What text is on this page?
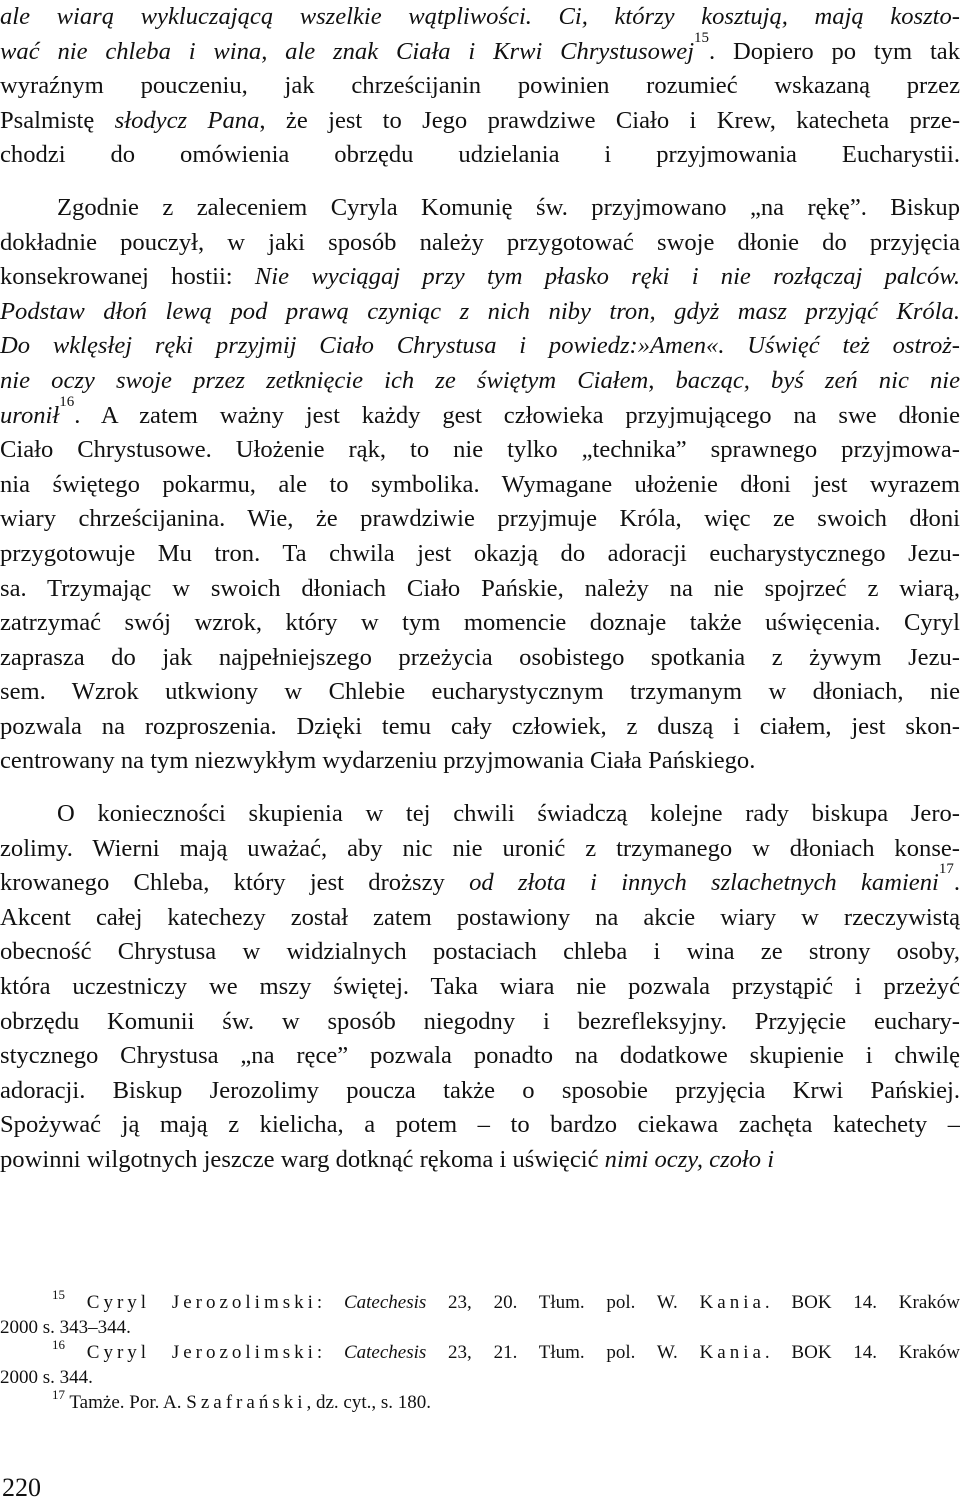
ale wiarą wykluczającą wszelkie wątpliwości. Ci, którzy kosztują, mają koszto-
wać nie chleba i wina, ale znak Ciała i Krwi Chrystusowej$^{15}$. Dopiero po tym tak
wyraźnym pouczeniu, jak chrześcijanin powinien rozumieć wskazaną przez
Psalmistę słodycz Pana, że jest to Jego prawdziwe Ciało i Krew, katecheta prze-
chodzi do omówienia obrzędu udzielania i przyjmowania Eucharystii.
Zgodnie z zaleceniem Cyryla Komunię św. przyjmowano „na rękę”. Biskup
dokładnie pouczył, w jaki sposób należy przygotować swoje dłonie do przyjęcia
konsekrowanej hostii: Nie wyciągaj przy tym płasko ręki i nie rozłączaj palców.
Podstaw dłoń lewą pod prawą czyniąc z nich niby tron, gdyż masz przyjąć Króla.
Do wklęsłej ręki przyjmij Ciało Chrystusa i powiedz:»Amen«. Uświęć też ostroż-
nie oczy swoje przez zetknięcie ich ze świętym Ciałem, bacząc, byś zeń nic nie
uronił$^{16}$. A zatem ważny jest każdy gest człowieka przyjmującego na swe dłonie
Ciało Chrystusowe. Ułożenie rąk, to nie tylko „technika” sprawnego przyjmowa-
nia świętego pokarmu, ale to symbolika. Wymagane ułożenie dłoni jest wyrazem
wiary chrześcijanina. Wie, że prawdziwie przyjmuje Króla, więc ze swoich dłoni
przygotowuje Mu tron. Ta chwila jest okazją do adoracji eucharystycznego Jezu-
sa. Trzymając w swoich dłoniach Ciało Pańskie, należy na nie spojrzeć z wiarą,
zatrzymać swój wzrok, który w tym momencie doznaje także uświęcenia. Cyryl
zaprasza do jak najpełniejszego przeżycia osobistego spotkania z żywym Jezu-
sem. Wzrok utkwiony w Chlebie eucharystycznym trzymanym w dłoniach, nie
pozwala na rozproszenia. Dzięki temu cały człowiek, z duszą i ciałem, jest skon-
centrowany na tym niezwykłym wydarzeniu przyjmowania Ciała Pańskiego.
O konieczności skupienia w tej chwili świadczą kolejne rady biskupa Jero-
zolimy. Wierni mają uważać, aby nic nie uronić z trzymanego w dłoniach konse-
krowanego Chleba, który jest droższy od złota i innych szlachetnych kamieni$^{17}$.
Akcent całej katechezy został zatem postawiony na akcie wiary w rzeczywistą
obecność Chrystusa w widzialnych postaciach chleba i wina ze strony osoby,
która uczestniczy we mszy świętej. Taka wiara nie pozwala przystąpić i przeżyć
obrzędu Komunii św. w sposób niegodny i bezrefleksyjny. Przyjęcie euchary-
stycznego Chrystusa „na ręce” pozwala ponadto na dodatkowe skupienie i chwilę
adoracji. Biskup Jerozolimy poucza także o sposobie przyjęcia Krwi Pańskiej.
Spożywać ją mają z kielicha, a potem – to bardzo ciekawa zachęta katechety –
powinni wilgotnych jeszcze warg dotknąć rękoma i uświęcić nimi oczy, czoło i
$^{15}$ Cyryl Jerozolimski: Catechesis 23, 20. Tłum. pol. W. Kania. BOK 14. Kraków
2000 s. 343–344.
$^{16}$ Cyryl Jerozolimski: Catechesis 23, 21. Tłum. pol. W. Kania. BOK 14. Kraków
2000 s. 344.
$^{17}$ Tamże. Por. A. Szafrański, dz. cyt., s. 180.
220
